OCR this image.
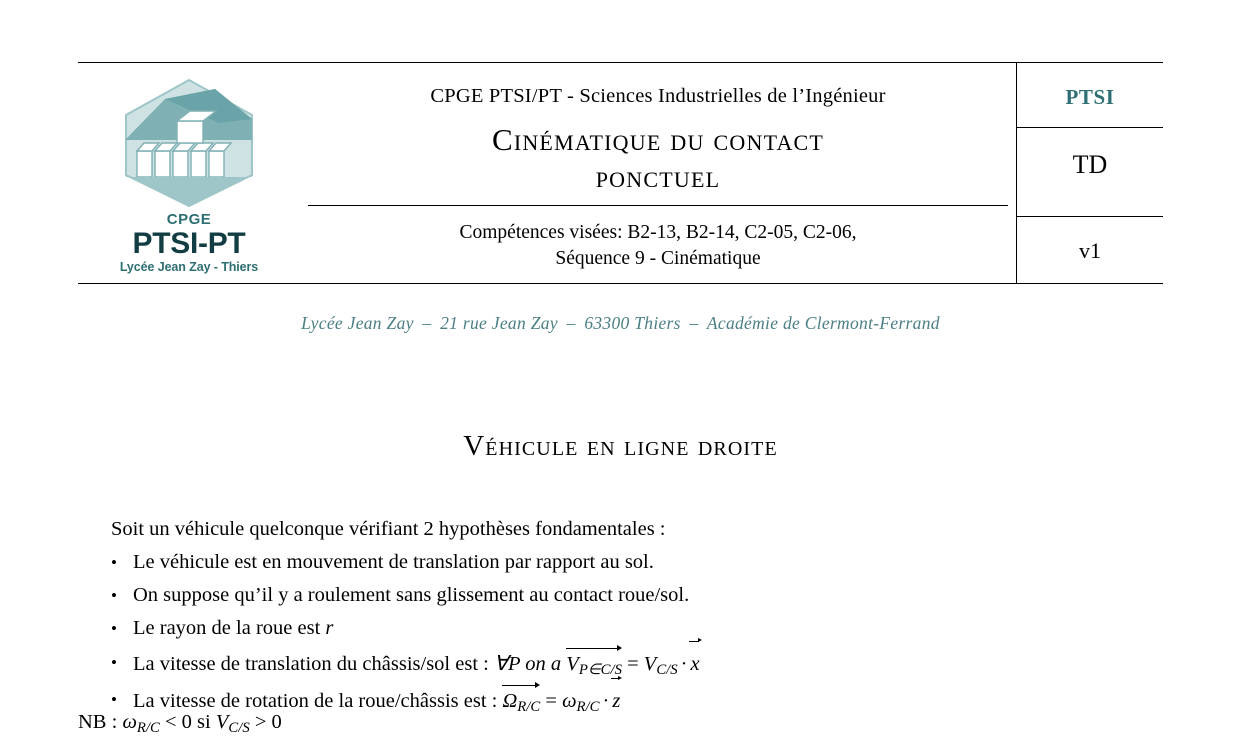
CPGE
PTSI-PT
Lycée Jean Zay - Thiers
CPGE PTSI/PT - Sciences Industrielles de l’Ingénieur
Cinématique du contact
ponctuel
Compétences visées: B2-13, B2-14, C2-05, C2-06,
Séquence 9 - Cinématique
PTSI
TD
v1
Lycée Jean Zay – 21 rue Jean Zay – 63300 Thiers – Académie de Clermont-Ferrand
Véhicule en ligne droite
Soit un véhicule quelconque vérifiant 2 hypothèses fondamentales :
• Le véhicule est en mouvement de translation par rapport au sol.
• On suppose qu’il y a roulement sans glissement au contact roue/sol.
• Le rayon de la roue est r
• La vitesse de translation du châssis/sol est : ∀P on a $V_{P\in C/S} = V_{C/S} \cdot x$
• La vitesse de rotation de la roue/châssis est :
$\Omega_{R/C} = \omega_{R/C} \cdot z$
NB : $\omega_{R/C} < 0$ si $V_{C/S} > 0$
